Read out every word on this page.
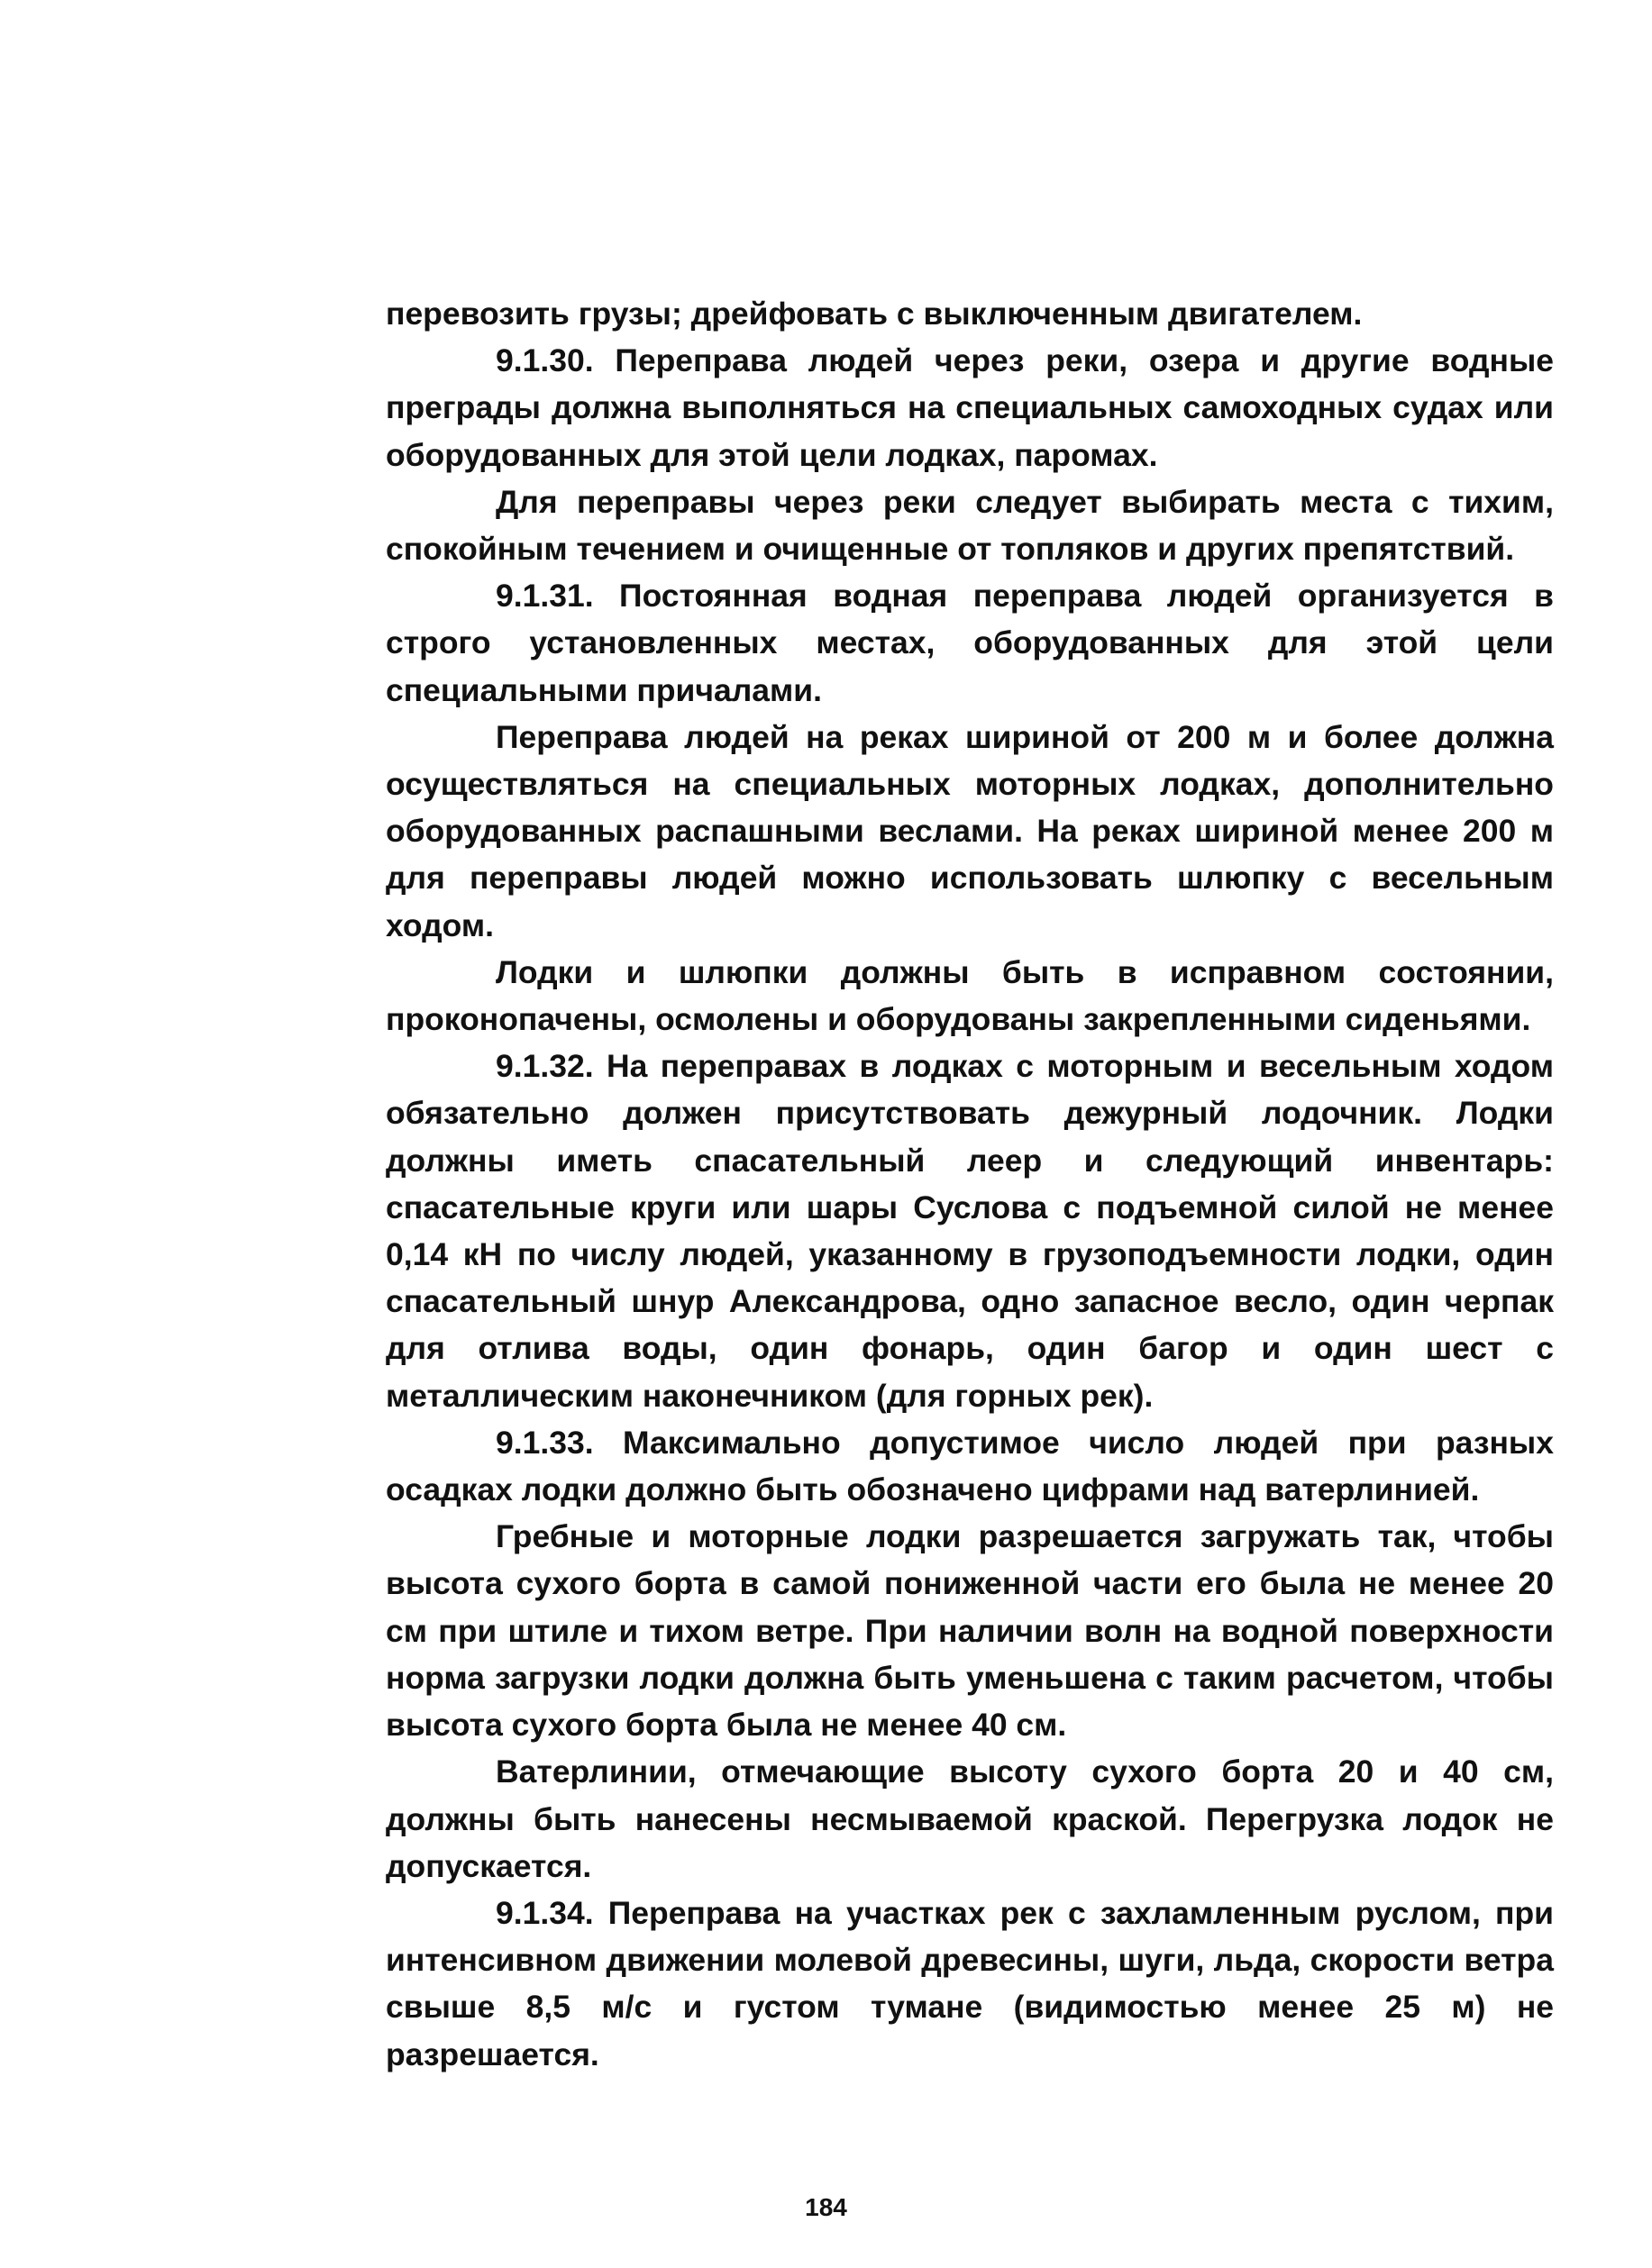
перевозить грузы; дрейфовать с выключенным двигателем.

9.1.30. Переправа людей через реки, озера и другие водные преграды должна выполняться на специальных самоходных судах или оборудованных для этой цели лодках, паромах.

Для переправы через реки следует выбирать места с тихим, спокойным течением и очищенные от топляков и других препятствий.

9.1.31. Постоянная водная переправа людей организуется в строго установленных местах, оборудованных для этой цели специальными причалами.

Переправа людей на реках шириной от 200 м и более должна осуществляться на специальных моторных лодках, дополнительно оборудованных распашными веслами. На реках шириной менее 200 м для переправы людей можно использовать шлюпку с весельным ходом.

Лодки и шлюпки должны быть в исправном состоянии, проконопачены, осмолены и оборудованы закрепленными сиденьями.

9.1.32. На переправах в лодках с моторным и весельным ходом обязательно должен присутствовать дежурный лодочник. Лодки должны иметь спасательный леер и следующий инвентарь: спасательные круги или шары Суслова с подъемной силой не менее 0,14 кН по числу людей, указанному в грузоподъемности лодки, один спасательный шнур Александрова, одно запасное весло, один черпак для отлива воды, один фонарь, один багор и один шест с металлическим наконечником (для горных рек).

9.1.33. Максимально допустимое число людей при разных осадках лодки должно быть обозначено цифрами над ватерлинией.

Гребные и моторные лодки разрешается загружать так, чтобы высота сухого борта в самой пониженной части его была не менее 20 см при штиле и тихом ветре. При наличии волн на водной поверхности норма загрузки лодки должна быть уменьшена с таким расчетом, чтобы высота сухого борта была не менее 40 см.

Ватерлинии, отмечающие высоту сухого борта 20 и 40 см, должны быть нанесены несмываемой краской. Перегрузка лодок не допускается.

9.1.34. Переправа на участках рек с захламленным руслом, при интенсивном движении молевой древесины, шуги, льда, скорости ветра свыше 8,5 м/с и густом тумане (видимостью менее 25 м) не разрешается.

184
